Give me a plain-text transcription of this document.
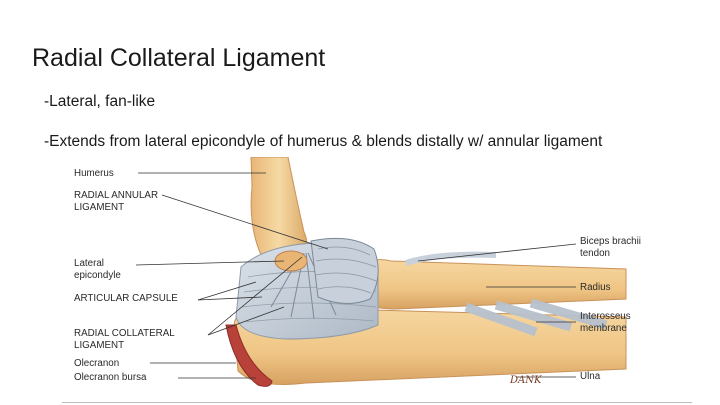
Radial Collateral Ligament
-Lateral, fan-like
-Extends from lateral epicondyle of humerus & blends distally w/ annular ligament
Humerus
RADIAL ANNULAR
LIGAMENT
Lateral
epicondyle
ARTICULAR CAPSULE
RADIAL COLLATERAL
LIGAMENT
Olecranon
Olecranon bursa
Biceps brachii
tendon
Radius
Interosseus
membrane
Ulna
DANK
